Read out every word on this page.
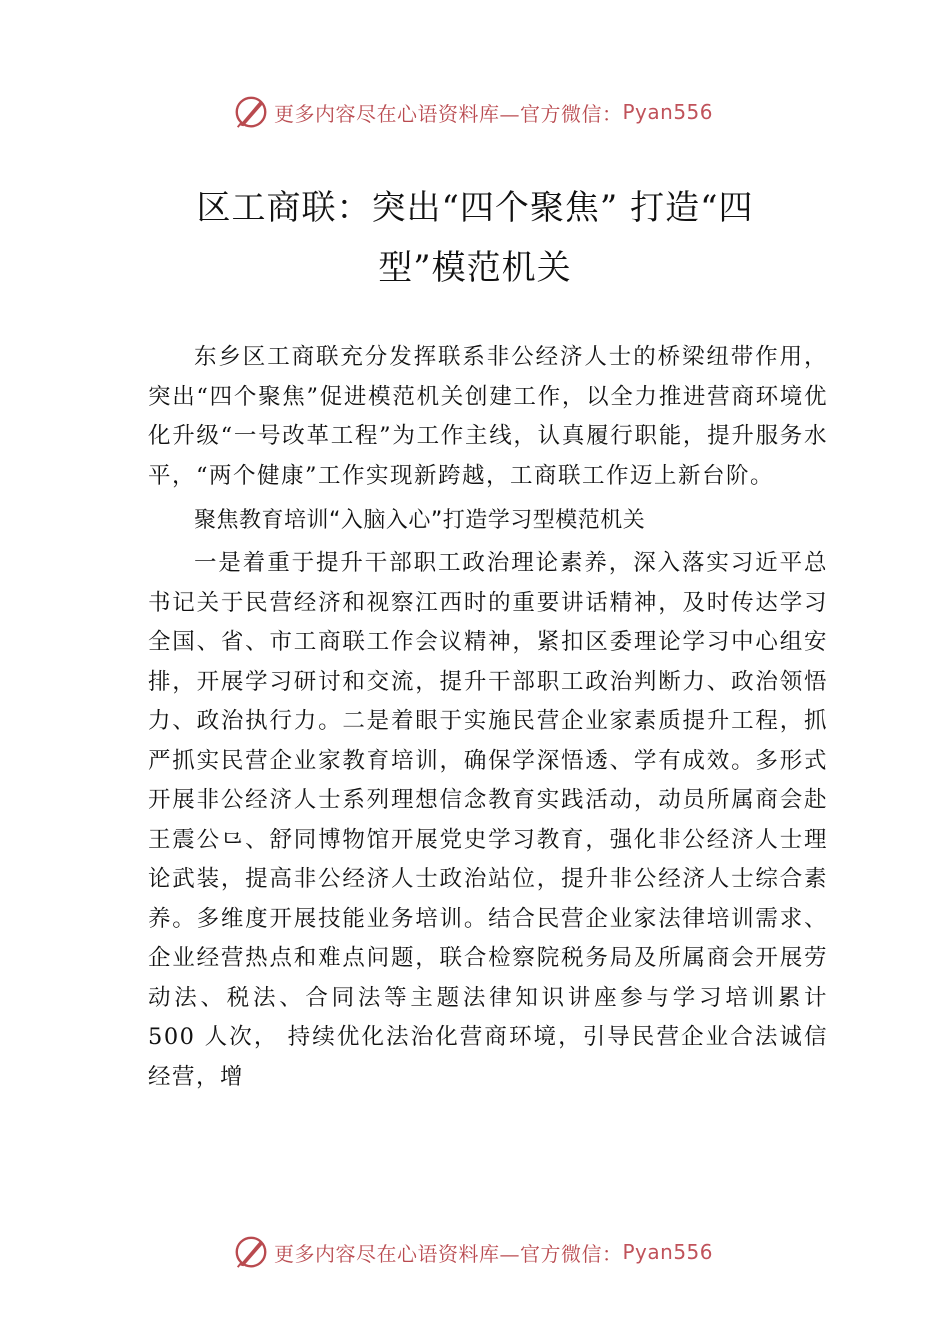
更多内容尽在心语资料库—官方微信： Pyan556
区工商联：突出“四个聚焦” 打造“四
型”模范机关

东乡区工商联充分发挥联系非公经济人士的桥梁纽带作用，突出“四个聚焦”促进模范机关创建工作，以全力推进营商环境优化升级“一号改革工程”为工作主线，认真履行职能，提升服务水平，“两个健康”工作实现新跨越，工商联工作迈上新台阶。

聚焦教育培训“入脑入心”打造学习型模范机关

一是着重于提升干部职工政治理论素养，深入落实习近平总书记关于民营经济和视察江西时的重要讲话精神，及时传达学习全国、省、市工商联工作会议精神，紧扣区委理论学习中心组安排，开展学习研讨和交流，提升干部职工政治判断力、政治领悟力、政治执行力。二是着眼于实施民营企业家素质提升工程，抓严抓实民营企业家教育培训，确保学深悟透、学有成效。多形式开展非公经济人士系列理想信念教育实践活动，动员所属商会赴王震公⺋、舒同博物馆开展党史学习教育，强化非公经济人士理论武装，提高非公经济人士政治站位，提升非公经济人士综合素养。多维度开展技能业务培训。结合民营企业家法律培训需求、企业经营热点和难点问题，联合检察院税务局及所属商会开展劳动法、税法、合同法等主题法律知识讲座参与学习培训累计 500 人次， 持续优化法治化营商环境，引导民营企业合法诚信经营，增

更多内容尽在心语资料库—官方微信： Pyan556
